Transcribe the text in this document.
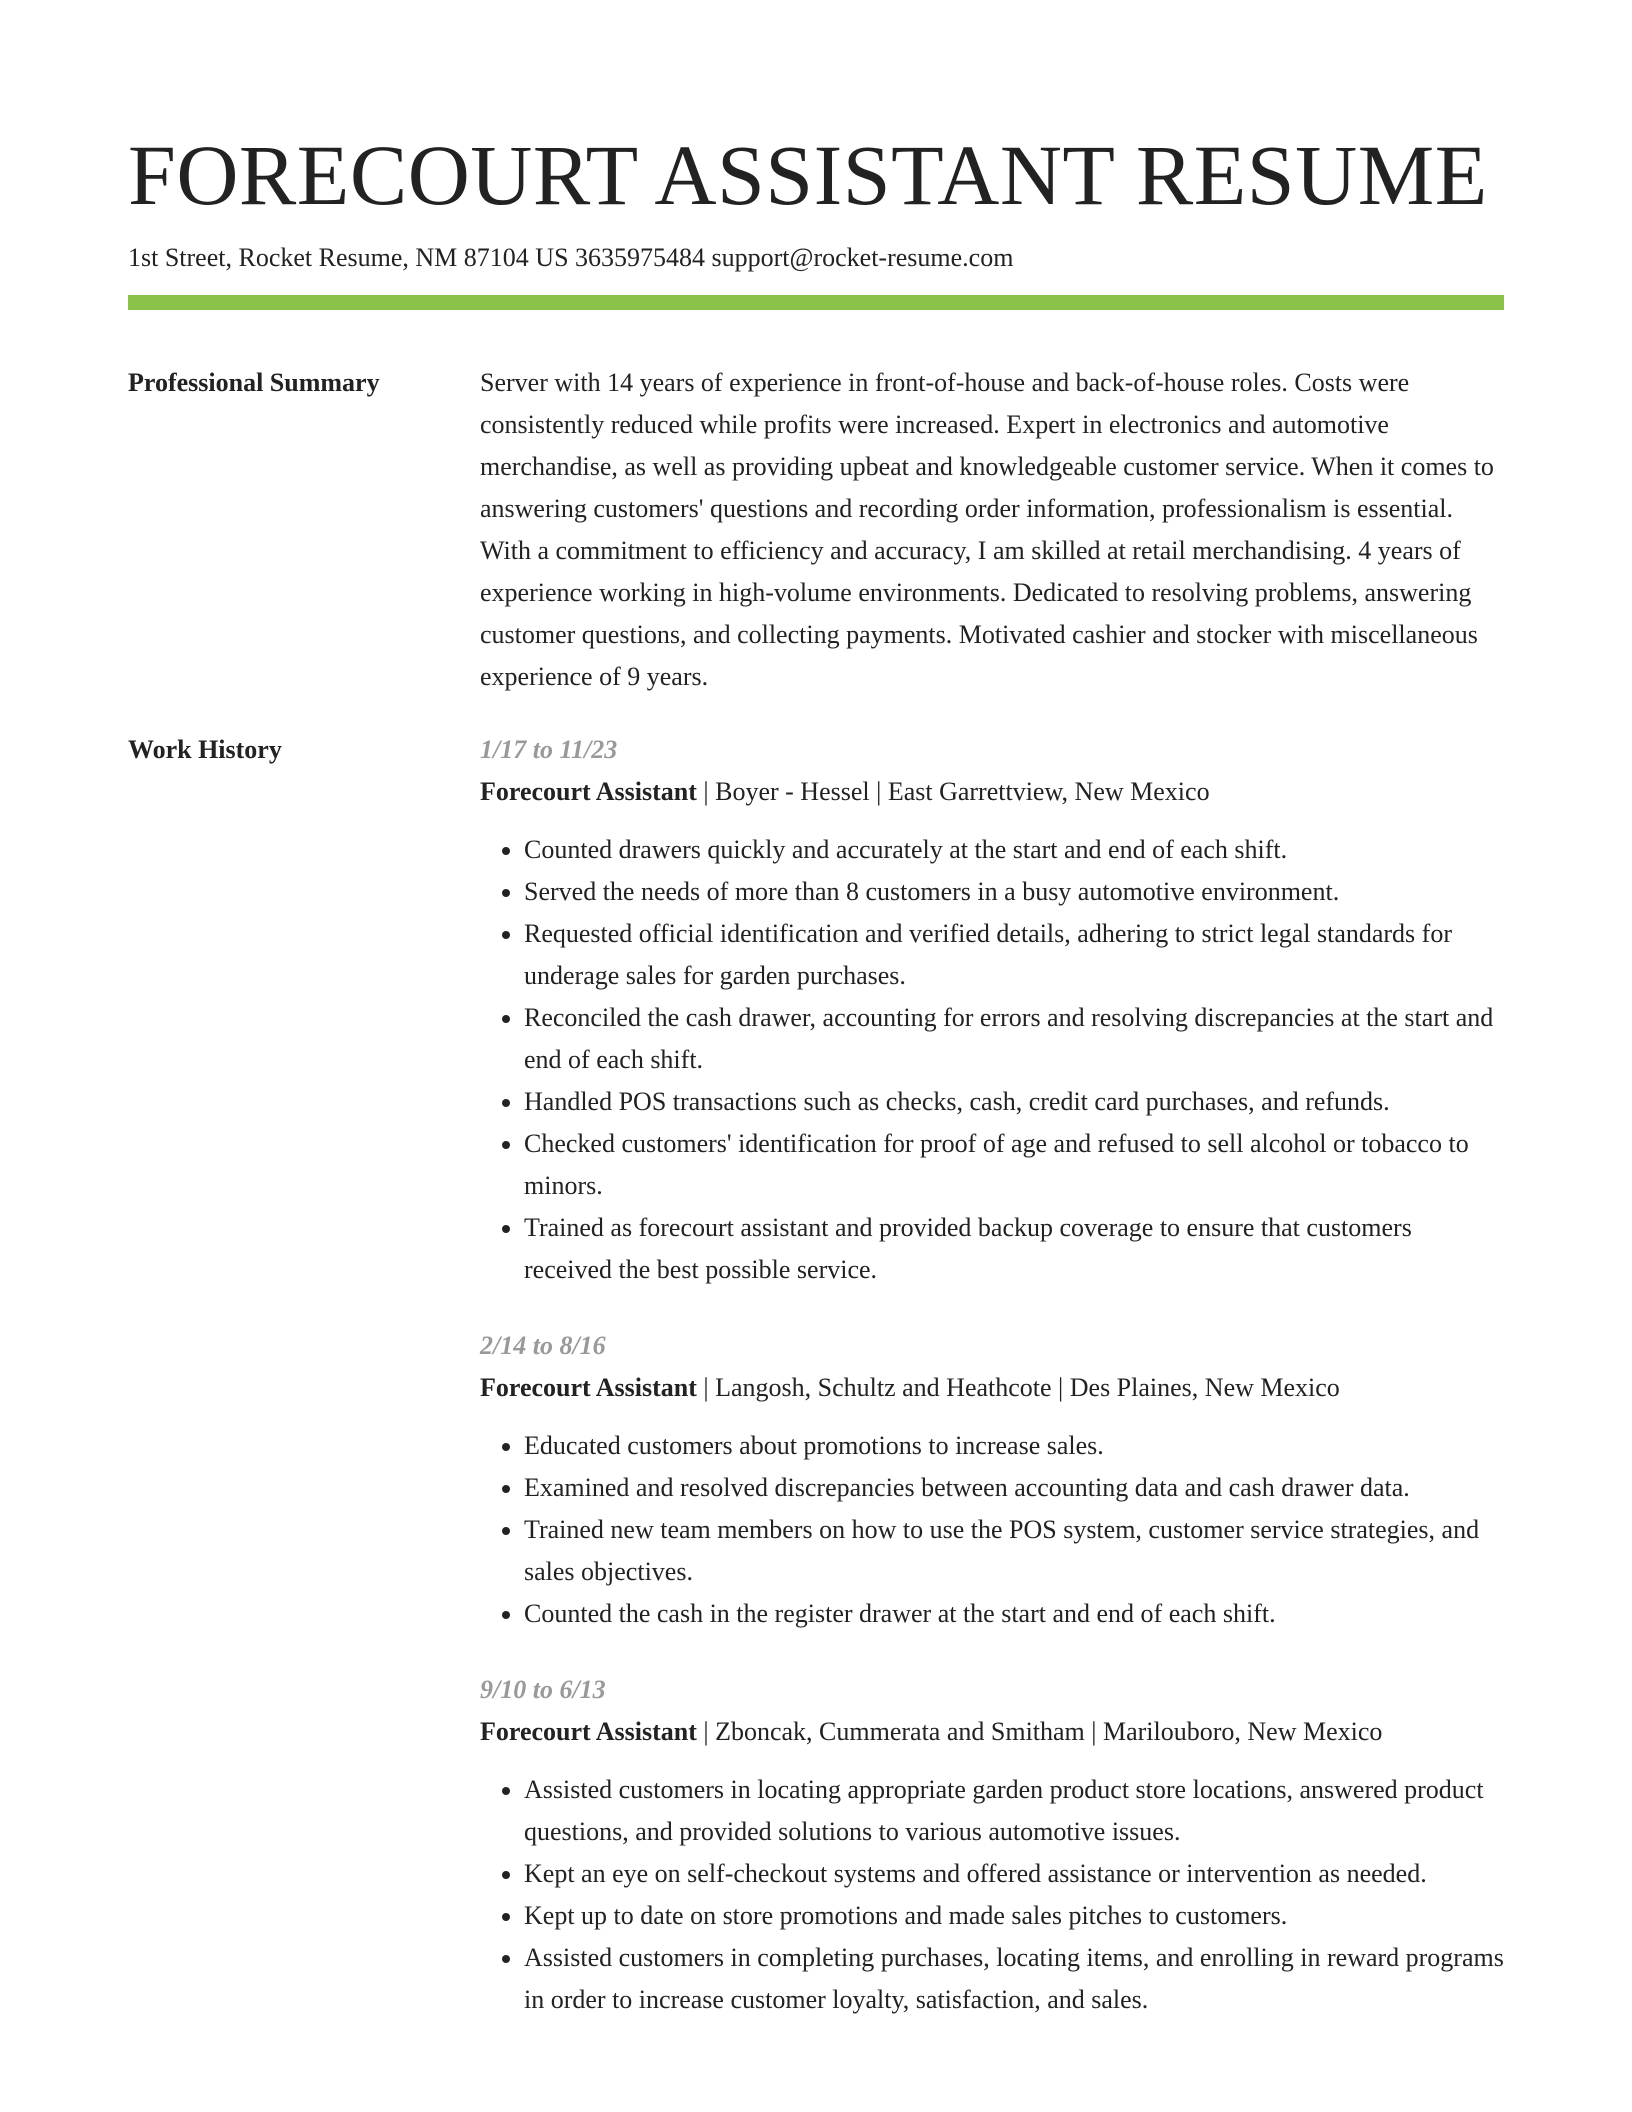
FORECOURT ASSISTANT RESUME
1st Street, Rocket Resume, NM 87104 US 3635975484 support@rocket-resume.com
Professional Summary	Server with 14 years of experience in front-of-house and back-of-house roles. Costs were consistently reduced while profits were increased. Expert in electronics and automotive merchandise, as well as providing upbeat and knowledgeable customer service. When it comes to answering customers' questions and recording order information, professionalism is essential. With a commitment to efficiency and accuracy, I am skilled at retail merchandising. 4 years of experience working in high-volume environments. Dedicated to resolving problems, answering customer questions, and collecting payments. Motivated cashier and stocker with miscellaneous experience of 9 years.

Work History	1/17 to 11/23
Forecourt Assistant | Boyer - Hessel | East Garrettview, New Mexico
• Counted drawers quickly and accurately at the start and end of each shift.
• Served the needs of more than 8 customers in a busy automotive environment.
• Requested official identification and verified details, adhering to strict legal standards for underage sales for garden purchases.
• Reconciled the cash drawer, accounting for errors and resolving discrepancies at the start and end of each shift.
• Handled POS transactions such as checks, cash, credit card purchases, and refunds.
• Checked customers' identification for proof of age and refused to sell alcohol or tobacco to minors.
• Trained as forecourt assistant and provided backup coverage to ensure that customers received the best possible service.
2/14 to 8/16
Forecourt Assistant | Langosh, Schultz and Heathcote | Des Plaines, New Mexico
• Educated customers about promotions to increase sales.
• Examined and resolved discrepancies between accounting data and cash drawer data.
• Trained new team members on how to use the POS system, customer service strategies, and sales objectives.
• Counted the cash in the register drawer at the start and end of each shift.
9/10 to 6/13
Forecourt Assistant | Zboncak, Cummerata and Smitham | Marilouboro, New Mexico
• Assisted customers in locating appropriate garden product store locations, answered product questions, and provided solutions to various automotive issues.
• Kept an eye on self-checkout systems and offered assistance or intervention as needed.
• Kept up to date on store promotions and made sales pitches to customers.
• Assisted customers in completing purchases, locating items, and enrolling in reward programs in order to increase customer loyalty, satisfaction, and sales.
